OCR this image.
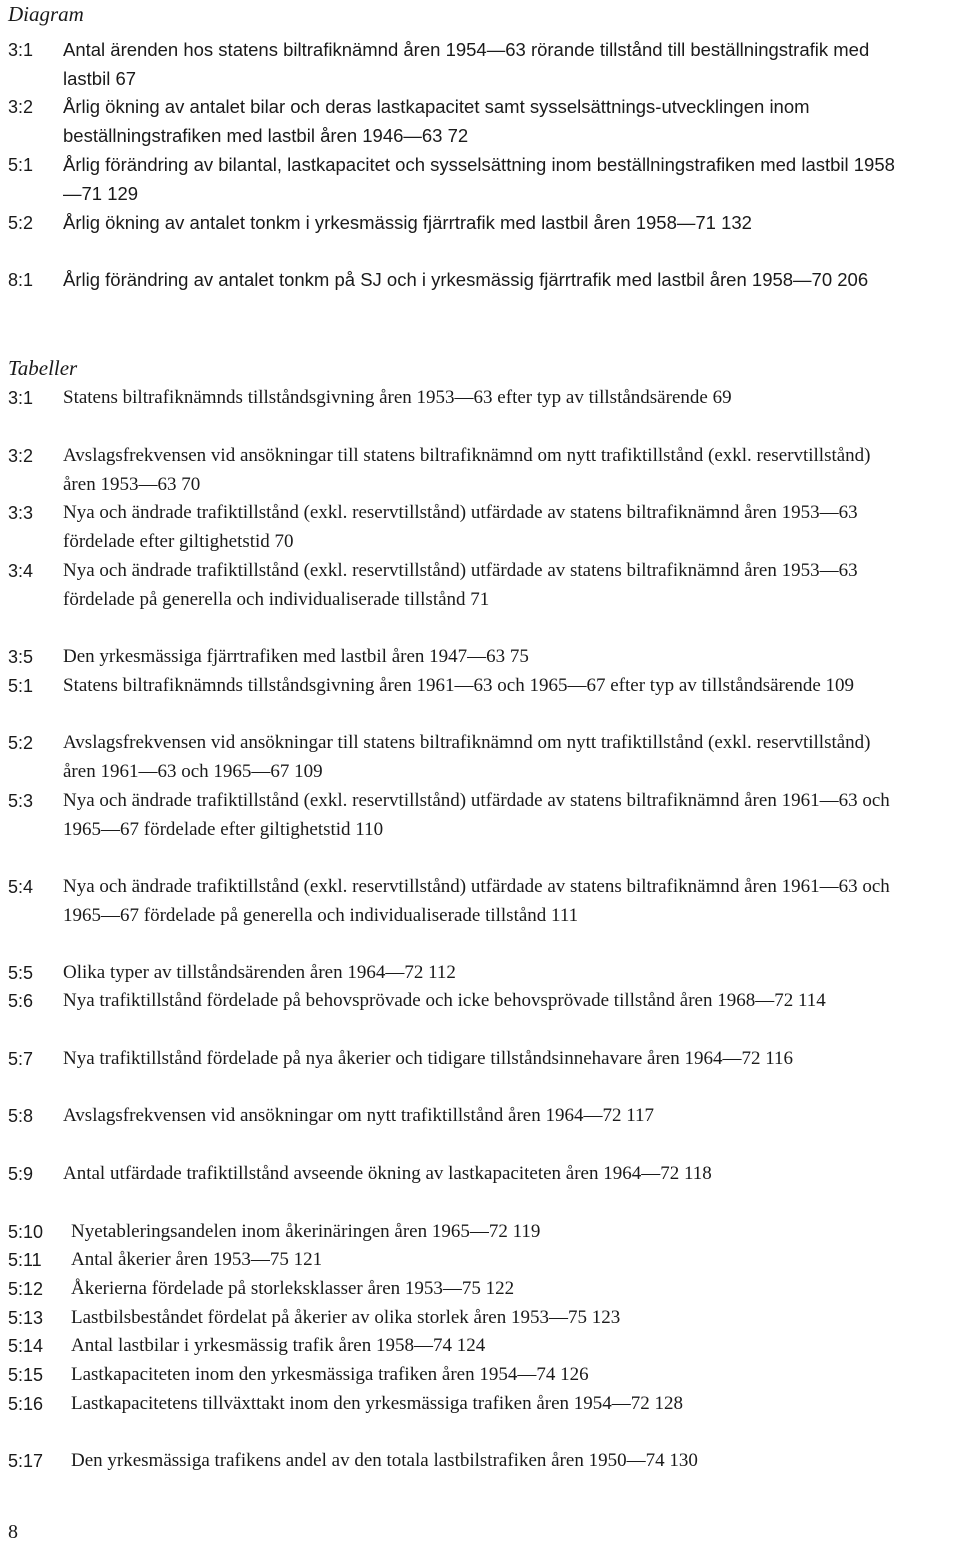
Diagram
3:1 Antal ärenden hos statens biltrafiknämnd åren 1954—63 rörande tillstånd till beställningstrafik med lastbil 67
3:2 Årlig ökning av antalet bilar och deras lastkapacitet samt sysselsättnings-utvecklingen inom beställningstrafiken med lastbil åren 1946—63 72
5:1 Årlig förändring av bilantal, lastkapacitet och sysselsättning inom beställningstrafiken med lastbil 1958—71 129
5:2 Årlig ökning av antalet tonkm i yrkesmässig fjärrtrafik med lastbil åren 1958—71 132
8:1 Årlig förändring av antalet tonkm på SJ och i yrkesmässig fjärrtrafik med lastbil åren 1958—70 206
Tabeller
3:1 Statens biltrafiknämnds tillståndsgivning åren 1953—63 efter typ av tillståndsärende 69
3:2 Avslagsfrekvensen vid ansökningar till statens biltrafiknämnd om nytt trafiktillstånd (exkl. reservtillstånd) åren 1953—63 70
3:3 Nya och ändrade trafiktillstånd (exkl. reservtillstånd) utfärdade av statens biltrafiknämnd åren 1953—63 fördelade efter giltighetstid 70
3:4 Nya och ändrade trafiktillstånd (exkl. reservtillstånd) utfärdade av statens biltrafiknämnd åren 1953—63 fördelade på generella och individualiserade tillstånd 71
3:5 Den yrkesmässiga fjärrtrafiken med lastbil åren 1947—63 75
5:1 Statens biltrafiknämnds tillståndsgivning åren 1961—63 och 1965—67 efter typ av tillståndsärende 109
5:2 Avslagsfrekvensen vid ansökningar till statens biltrafiknämnd om nytt trafiktillstånd (exkl. reservtillstånd) åren 1961—63 och 1965—67 109
5:3 Nya och ändrade trafiktillstånd (exkl. reservtillstånd) utfärdade av statens biltrafiknämnd åren 1961—63 och 1965—67 fördelade efter giltighetstid 110
5:4 Nya och ändrade trafiktillstånd (exkl. reservtillstånd) utfärdade av statens biltrafiknämnd åren 1961—63 och 1965—67 fördelade på generella och individualiserade tillstånd 111
5:5 Olika typer av tillståndsärenden åren 1964—72 112
5:6 Nya trafiktillstånd fördelade på behovsprövade och icke behovsprövade tillstånd åren 1968—72 114
5:7 Nya trafiktillstånd fördelade på nya åkerier och tidigare tillståndsinnehavare åren 1964—72 116
5:8 Avslagsfrekvensen vid ansökningar om nytt trafiktillstånd åren 1964—72 117
5:9 Antal utfärdade trafiktillstånd avseende ökning av lastkapaciteten åren 1964—72 118
5:10 Nyetableringsandelen inom åkerinäringen åren 1965—72 119
5:11 Antal åkerier åren 1953—75 121
5:12 Åkerierna fördelade på storleksklasser åren 1953—75 122
5:13 Lastbilsbeståndet fördelat på åkerier av olika storlek åren 1953—75 123
5:14 Antal lastbilar i yrkesmässig trafik åren 1958—74 124
5:15 Lastkapaciteten inom den yrkesmässiga trafiken åren 1954—74 126
5:16 Lastkapacitetens tillväxttakt inom den yrkesmässiga trafiken åren 1954—72 128
5:17 Den yrkesmässiga trafikens andel av den totala lastbilstrafiken åren 1950—74 130
8
